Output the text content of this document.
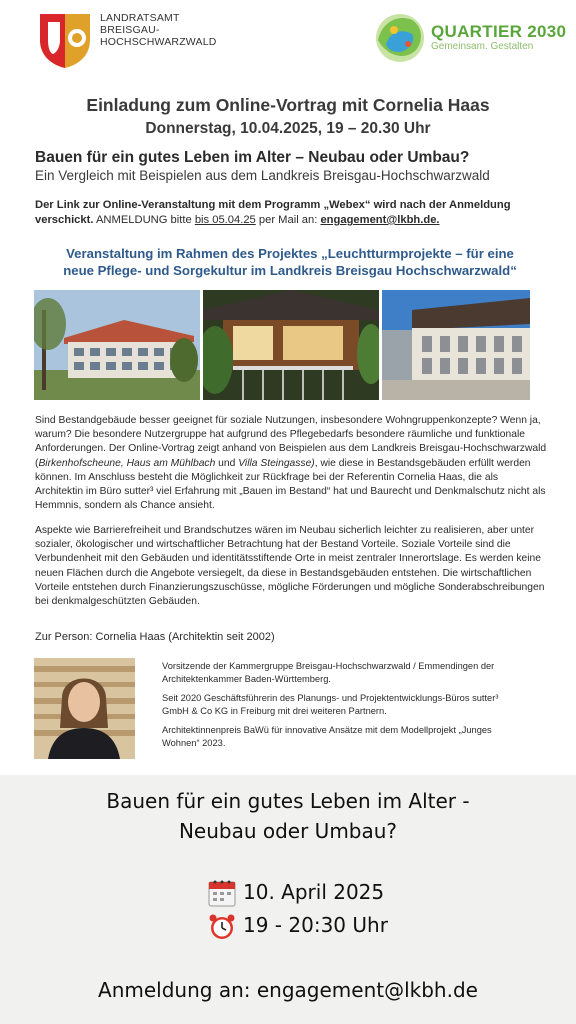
LANDRATSAMT
BREISGAU-
HOCHSCHWARZWALD
QUARTIER 2030
Gemeinsam. Gestalten
Einladung zum Online-Vortrag mit Cornelia Haas
Donnerstag, 10.04.2025, 19 – 20.30 Uhr
Bauen für ein gutes Leben im Alter – Neubau oder Umbau?
Ein Vergleich mit Beispielen aus dem Landkreis Breisgau-Hochschwarzwald
Der Link zur Online-Veranstaltung mit dem Programm „Webex“ wird nach der Anmeldung verschickt. ANMELDUNG bitte bis 05.04.25 per Mail an: engagement@lkbh.de.
Veranstaltung im Rahmen des Projektes „Leuchtturmprojekte – für eine
neue Pflege- und Sorgekultur im Landkreis Breisgau Hochschwarzwald“
Sind Bestandgebäude besser geeignet für soziale Nutzungen, insbesondere Wohngruppenkonzepte? Wenn ja, warum? Die besondere Nutzergruppe hat aufgrund des Pflegebedarfs besondere räumliche und funktionale Anforderungen. Der Online-Vortrag zeigt anhand von Beispielen aus dem Landkreis Breisgau-Hochschwarzwald (Birkenhofscheune, Haus am Mühlbach und Villa Steingasse), wie diese in Bestandsgebäuden erfüllt werden können. Im Anschluss besteht die Möglichkeit zur Rückfrage bei der Referentin Cornelia Haas, die als Architektin im Büro sutter³ viel Erfahrung mit „Bauen im Bestand“ hat und Baurecht und Denkmalschutz nicht als Hemmnis, sondern als Chance ansieht.
Aspekte wie Barrierefreiheit und Brandschutzes wären im Neubau sicherlich leichter zu realisieren, aber unter sozialer, ökologischer und wirtschaftlicher Betrachtung hat der Bestand Vorteile. Soziale Vorteile sind die Verbundenheit mit den Gebäuden und identitätsstiftende Orte in meist zentraler Innerortslage. Es werden keine neuen Flächen durch die Angebote versiegelt, da diese in Bestandsgebäuden entstehen. Die wirtschaftlichen Vorteile entstehen durch Finanzierungszuschüsse, mögliche Förderungen und mögliche Sonderabschreibungen bei denkmalgeschützten Gebäuden.
Zur Person: Cornelia Haas (Architektin seit 2002)
Vorsitzende der Kammergruppe Breisgau-Hochschwarzwald / Emmendingen der Architektenkammer Baden-Württemberg.
Seit 2020 Geschäftsführerin des Planungs- und Projektentwicklungs-Büros sutter³ GmbH & Co KG in Freiburg mit drei weiteren Partnern.
Architektinnenpreis BaWü für innovative Ansätze mit dem Modellprojekt „Junges Wohnen“ 2023.
Bauen für ein gutes Leben im Alter -
Neubau oder Umbau?
10. April 2025
19 - 20:30 Uhr
Anmeldung an: engagement@lkbh.de
